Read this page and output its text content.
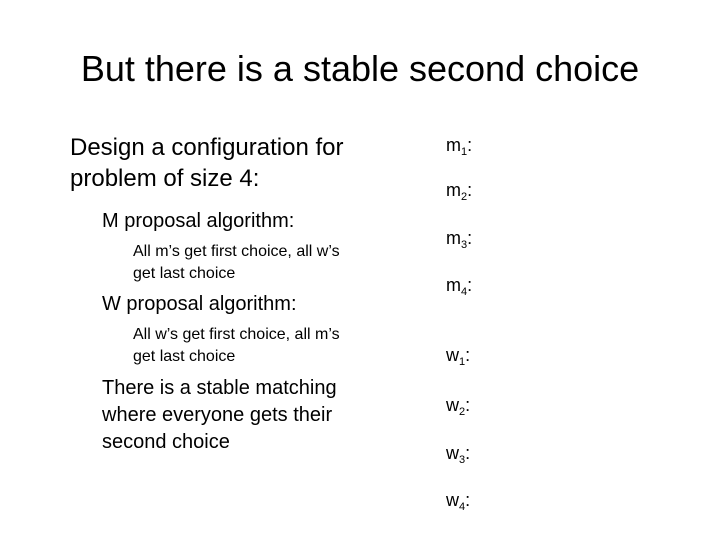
But there is a stable second choice

Design a configuration for

problem of size 4:

M proposal algorithm:

All m’s get first choice, all w’s

get last choice

W proposal algorithm:

All w’s get first choice, all m’s

get last choice

There is a stable matching

where everyone gets their

second choice

$m_1$:
$m_2$:
$m_3$:
$m_4$:
$w_1$:
$w_2$:
$w_3$:
$w_4$:
